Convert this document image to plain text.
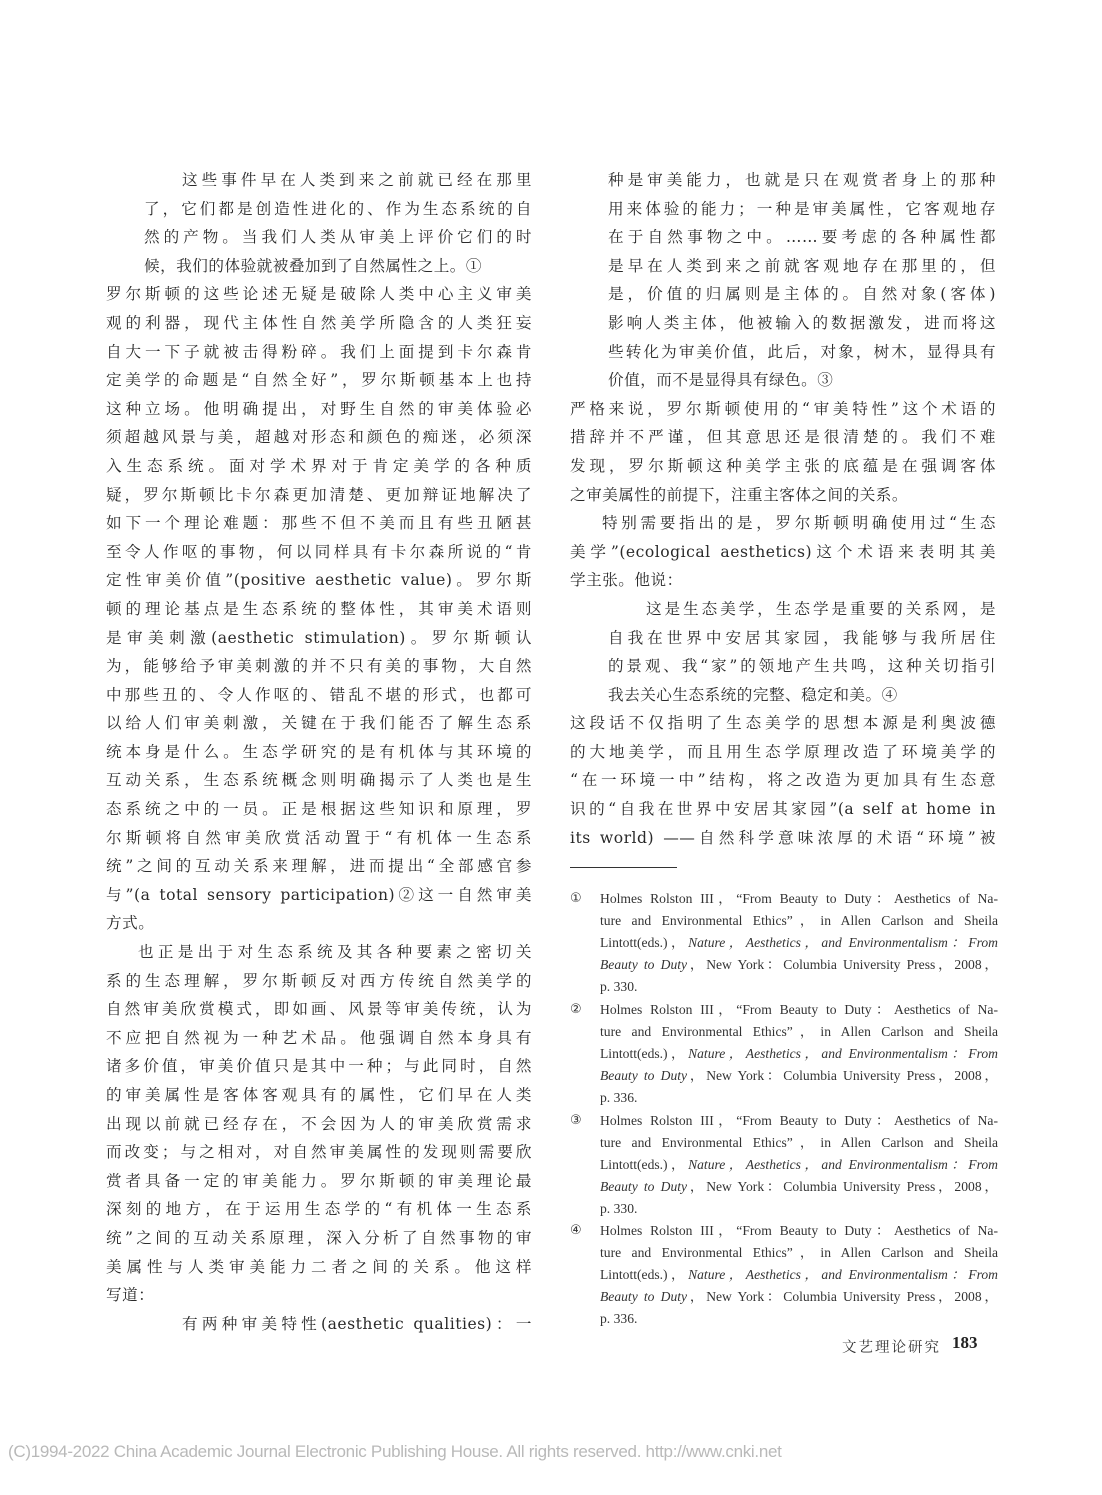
这些事件早在人类到来之前就已经在那里
了，它们都是创造性进化的、作为生态系统的自
然的产物。当我们人类从审美上评价它们的时
候，我们的体验就被叠加到了自然属性之上。①
罗尔斯顿的这些论述无疑是破除人类中心主义审美
观的利器，现代主体性自然美学所隐含的人类狂妄
自大一下子就被击得粉碎。我们上面提到卡尔森肯
定美学的命题是“自然全好”，罗尔斯顿基本上也持
这种立场。他明确提出，对野生自然的审美体验必
须超越风景与美，超越对形态和颜色的痴迷，必须深
入生态系统。面对学术界对于肯定美学的各种质
疑，罗尔斯顿比卡尔森更加清楚、更加辩证地解决了
如下一个理论难题：那些不但不美而且有些丑陋甚
至令人作呕的事物，何以同样具有卡尔森所说的“肯
定性审美价值”(positive aesthetic value)。罗尔斯
顿的理论基点是生态系统的整体性，其审美术语则
是审美刺激(aesthetic stimulation)。罗尔斯顿认
为，能够给予审美刺激的并不只有美的事物，大自然
中那些丑的、令人作呕的、错乱不堪的形式，也都可
以给人们审美刺激，关键在于我们能否了解生态系
统本身是什么。生态学研究的是有机体与其环境的
互动关系，生态系统概念则明确揭示了人类也是生
态系统之中的一员。正是根据这些知识和原理，罗
尔斯顿将自然审美欣赏活动置于“有机体一生态系
统”之间的互动关系来理解，进而提出“全部感官参
与”(a total sensory participation)②这一自然审美
方式。
也正是出于对生态系统及其各种要素之密切关
系的生态理解，罗尔斯顿反对西方传统自然美学的
自然审美欣赏模式，即如画、风景等审美传统，认为
不应把自然视为一种艺术品。他强调自然本身具有
诸多价值，审美价值只是其中一种；与此同时，自然
的审美属性是客体客观具有的属性，它们早在人类
出现以前就已经存在，不会因为人的审美欣赏需求
而改变；与之相对，对自然审美属性的发现则需要欣
赏者具备一定的审美能力。罗尔斯顿的审美理论最
深刻的地方，在于运用生态学的“有机体一生态系
统”之间的互动关系原理，深入分析了自然事物的审
美属性与人类审美能力二者之间的关系。他这样
写道：
有两种审美特性(aesthetic qualities)：一
种是审美能力，也就是只在观赏者身上的那种
用来体验的能力；一种是审美属性，它客观地存
在于自然事物之中。……要考虑的各种属性都
是早在人类到来之前就客观地存在那里的，但
是，价值的归属则是主体的。自然对象(客体)
影响人类主体，他被输入的数据激发，进而将这
些转化为审美价值，此后，对象，树木，显得具有
价值，而不是显得具有绿色。③
严格来说，罗尔斯顿使用的“审美特性”这个术语的
措辞并不严谨，但其意思还是很清楚的。我们不难
发现，罗尔斯顿这种美学主张的底蕴是在强调客体
之审美属性的前提下，注重主客体之间的关系。
特别需要指出的是，罗尔斯顿明确使用过“生态
美学”(ecological aesthetics)这个术语来表明其美
学主张。他说：
这是生态美学，生态学是重要的关系网，是
自我在世界中安居其家园，我能够与我所居住
的景观、我“家”的领地产生共鸣，这种关切指引
我去关心生态系统的完整、稳定和美。④
这段话不仅指明了生态美学的思想本源是利奥波德
的大地美学，而且用生态学原理改造了环境美学的
“在一环境一中”结构，将之改造为更加具有生态意
识的“自我在世界中安居其家园”(a self at home in
its world) ——自然科学意味浓厚的术语“环境”被
① Holmes Rolston III，“From Beauty to Duty：Aesthetics of Na-
ture and Environmental Ethics”，in Allen Carlson and Sheila
Lintott(eds.)，Nature，Aesthetics，and Environmentalism：From
Beauty to Duty，New York：Columbia University Press，2008，
p. 330.
② Holmes Rolston III，“From Beauty to Duty：Aesthetics of Na-
ture and Environmental Ethics”，in Allen Carlson and Sheila
Lintott(eds.)，Nature，Aesthetics，and Environmentalism：From
Beauty to Duty，New York：Columbia University Press，2008，
p. 336.
③ Holmes Rolston III，“From Beauty to Duty：Aesthetics of Na-
ture and Environmental Ethics”，in Allen Carlson and Sheila
Lintott(eds.)，Nature，Aesthetics，and Environmentalism：From
Beauty to Duty，New York：Columbia University Press，2008，
p. 330.
④ Holmes Rolston III，“From Beauty to Duty：Aesthetics of Na-
ture and Environmental Ethics”，in Allen Carlson and Sheila
Lintott(eds.)，Nature，Aesthetics，and Environmentalism：From
Beauty to Duty，New York：Columbia University Press，2008，
p. 336.
文艺理论研究 183
(C)1994-2022 China Academic Journal Electronic Publishing House. All rights reserved. http://www.cnki.net
